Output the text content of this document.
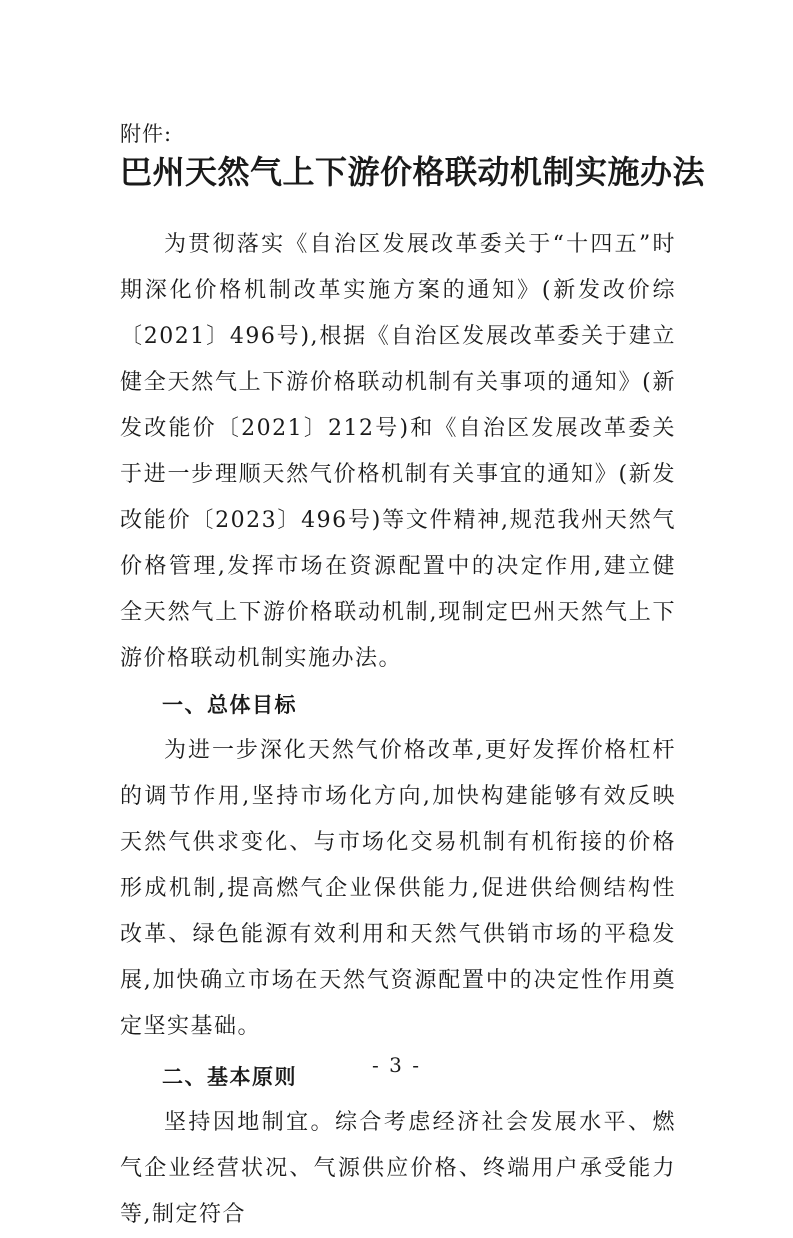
附件:
巴州天然气上下游价格联动机制实施办法

为贯彻落实《自治区发展改革委关于“十四五”时期深化价格机制改革实施方案的通知》(新发改价综〔2021〕496号),根据《自治区发展改革委关于建立健全天然气上下游价格联动机制有关事项的通知》(新发改能价〔2021〕212号)和《自治区发展改革委关于进一步理顺天然气价格机制有关事宜的通知》(新发改能价〔2023〕496号)等文件精神,规范我州天然气价格管理,发挥市场在资源配置中的决定作用,建立健全天然气上下游价格联动机制,现制定巴州天然气上下游价格联动机制实施办法。

一、总体目标

为进一步深化天然气价格改革,更好发挥价格杠杆的调节作用,坚持市场化方向,加快构建能够有效反映天然气供求变化、与市场化交易机制有机衔接的价格形成机制,提高燃气企业保供能力,促进供给侧结构性改革、绿色能源有效利用和天然气供销市场的平稳发展,加快确立市场在天然气资源配置中的决定性作用奠定坚实基础。

二、基本原则

坚持因地制宜。综合考虑经济社会发展水平、燃气企业经营状况、气源供应价格、终端用户承受能力等,制定符合

- 3 -
